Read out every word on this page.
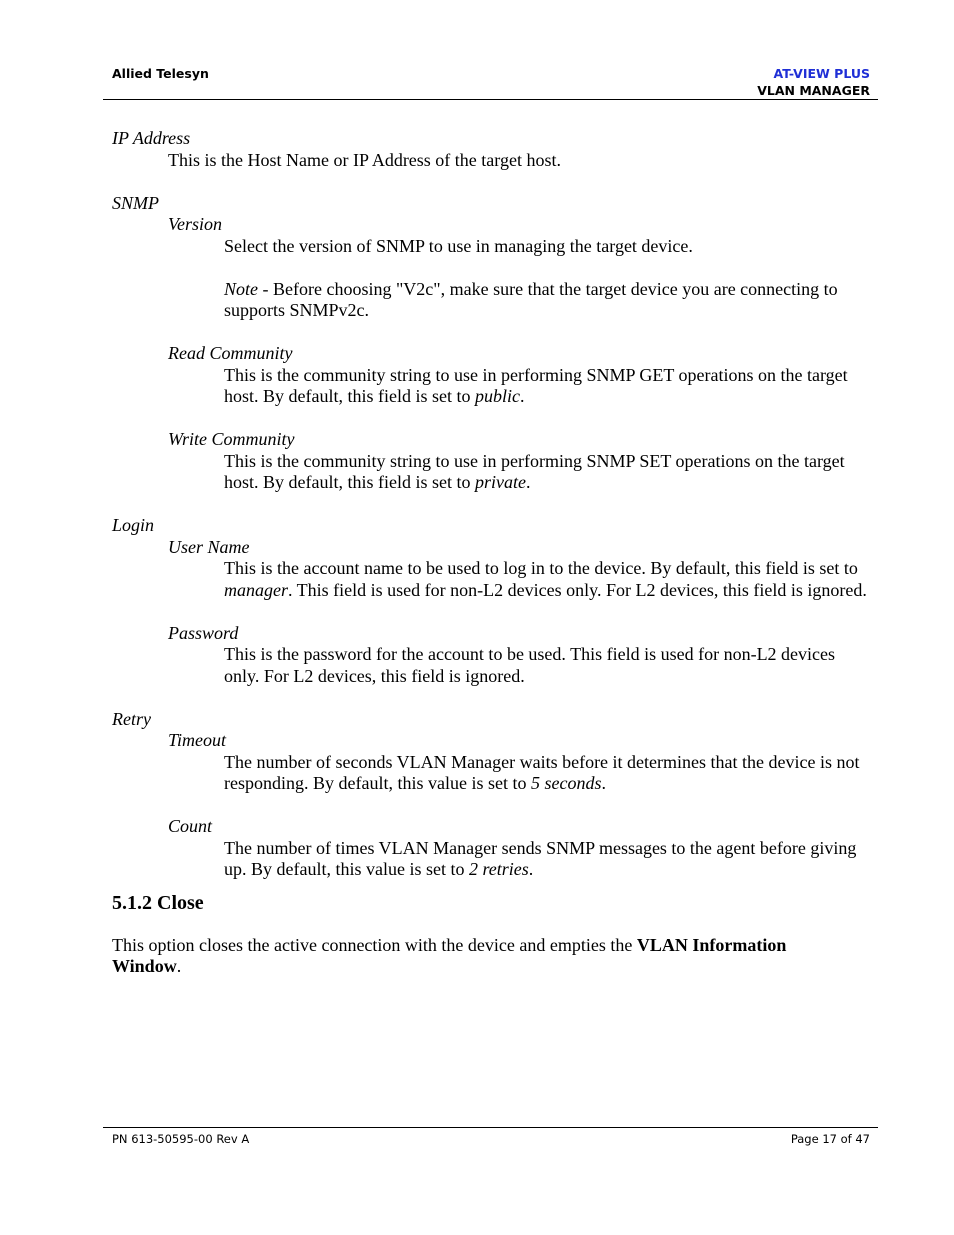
Allied Telesyn	AT-VIEW PLUS
VLAN MANAGER

IP Address

This is the Host Name or IP Address of the target host.

SNMP

Version

Select the version of SNMP to use in managing the target device.

Note - Before choosing "V2c", make sure that the target device you are connecting to supports SNMPv2c.

Read Community

This is the community string to use in performing SNMP GET operations on the target host. By default, this field is set to public.

Write Community

This is the community string to use in performing SNMP SET operations on the target host. By default, this field is set to private.

Login

User Name

This is the account name to be used to log in to the device. By default, this field is set to manager. This field is used for non-L2 devices only. For L2 devices, this field is ignored.

Password

This is the password for the account to be used. This field is used for non-L2 devices only. For L2 devices, this field is ignored.

Retry

Timeout

The number of seconds VLAN Manager waits before it determines that the device is not responding. By default, this value is set to 5 seconds.

Count

The number of times VLAN Manager sends SNMP messages to the agent before giving up. By default, this value is set to 2 retries.

5.1.2 Close

This option closes the active connection with the device and empties the VLAN Information Window.

PN 613-50595-00 Rev A	Page 17 of 47
